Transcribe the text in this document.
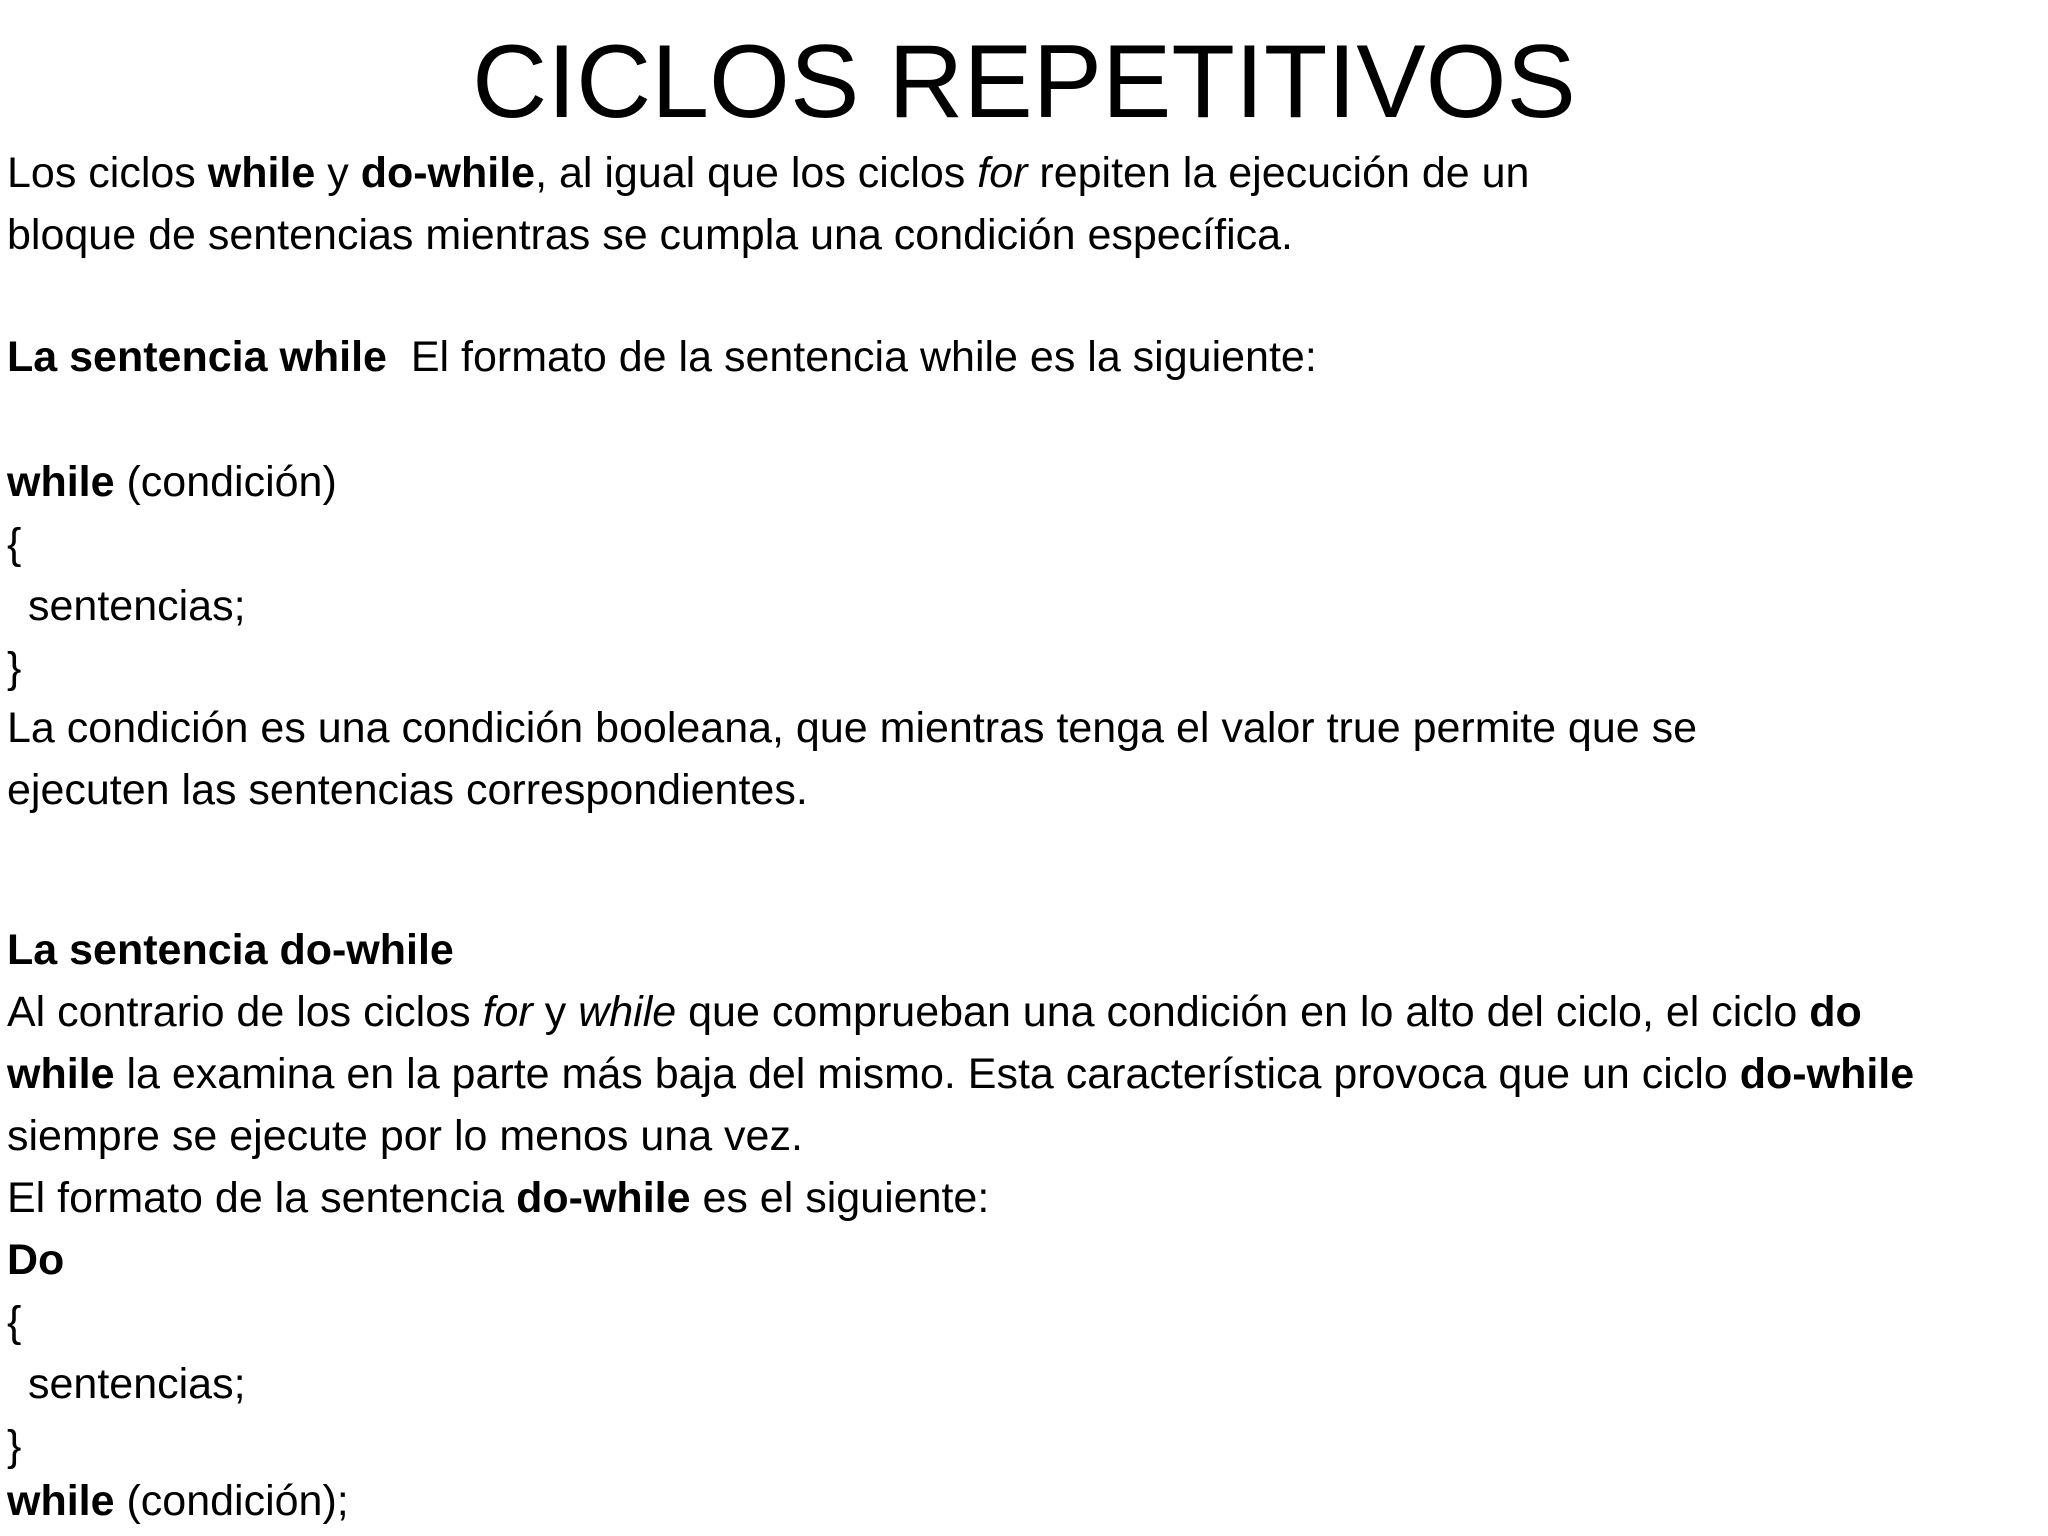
CICLOS REPETITIVOS
Los ciclos while y do-while, al igual que los ciclos for repiten la ejecución de un
bloque de sentencias mientras se cumpla una condición específica.
La sentencia while  El formato de la sentencia while es la siguiente:
while (condición)
{
sentencias;
}
La condición es una condición booleana, que mientras tenga el valor true permite que se
ejecuten las sentencias correspondientes.
La sentencia do-while
Al contrario de los ciclos for y while que comprueban una condición en lo alto del ciclo, el ciclo do
while la examina en la parte más baja del mismo. Esta característica provoca que un ciclo do-while
siempre se ejecute por lo menos una vez.
El formato de la sentencia do-while es el siguiente:
Do
{
sentencias;
}
while (condición);
